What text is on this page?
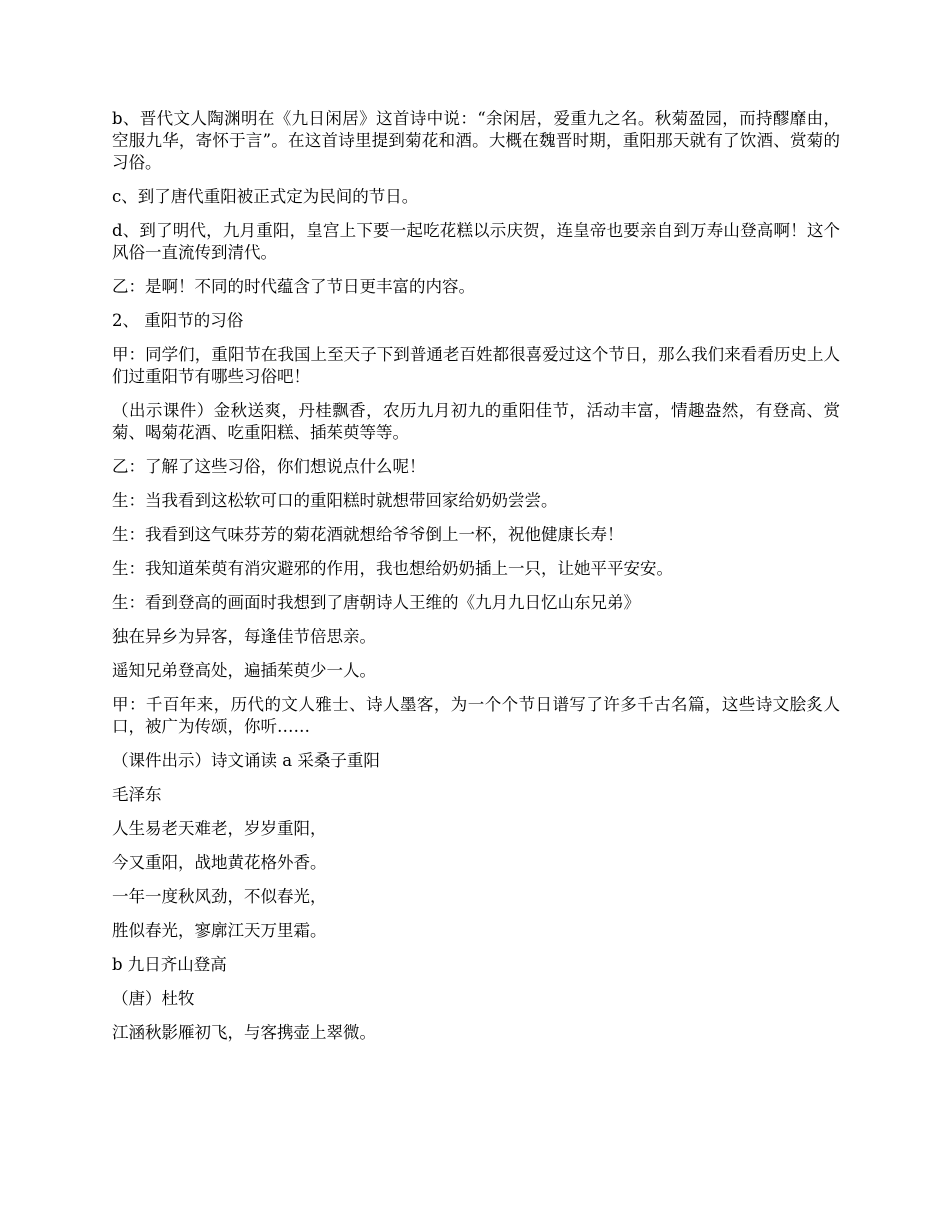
b、晋代文人陶渊明在《九日闲居》这首诗中说：“余闲居，爱重九之名。秋菊盈园，而持醪靡由，空服九华，寄怀于言”。在这首诗里提到菊花和酒。大概在魏晋时期，重阳那天就有了饮酒、赏菊的习俗。

c、到了唐代重阳被正式定为民间的节日。

d、到了明代，九月重阳，皇宫上下要一起吃花糕以示庆贺，连皇帝也要亲自到万寿山登高啊！这个风俗一直流传到清代。

乙：是啊！不同的时代蕴含了节日更丰富的内容。

2、 重阳节的习俗

甲：同学们，重阳节在我国上至天子下到普通老百姓都很喜爱过这个节日，那么我们来看看历史上人们过重阳节有哪些习俗吧！

（出示课件）金秋送爽，丹桂飘香，农历九月初九的重阳佳节，活动丰富，情趣盎然，有登高、赏菊、喝菊花酒、吃重阳糕、插茱萸等等。

乙：了解了这些习俗，你们想说点什么呢！

生：当我看到这松软可口的重阳糕时就想带回家给奶奶尝尝。

生：我看到这气味芬芳的菊花酒就想给爷爷倒上一杯，祝他健康长寿！

生：我知道茱萸有消灾避邪的作用，我也想给奶奶插上一只，让她平平安安。

生：看到登高的画面时我想到了唐朝诗人王维的《九月九日忆山东兄弟》

独在异乡为异客，每逢佳节倍思亲。

遥知兄弟登高处，遍插茱萸少一人。

甲：千百年来，历代的文人雅士、诗人墨客，为一个个节日谱写了许多千古名篇，这些诗文脍炙人口，被广为传颂，你听……

（课件出示）诗文诵读 a 采桑子重阳

毛泽东

人生易老天难老，岁岁重阳，

今又重阳，战地黄花格外香。

一年一度秋风劲，不似春光，

胜似春光，寥廓江天万里霜。

b 九日齐山登高

（唐）杜牧

江涵秋影雁初飞，与客携壶上翠微。
